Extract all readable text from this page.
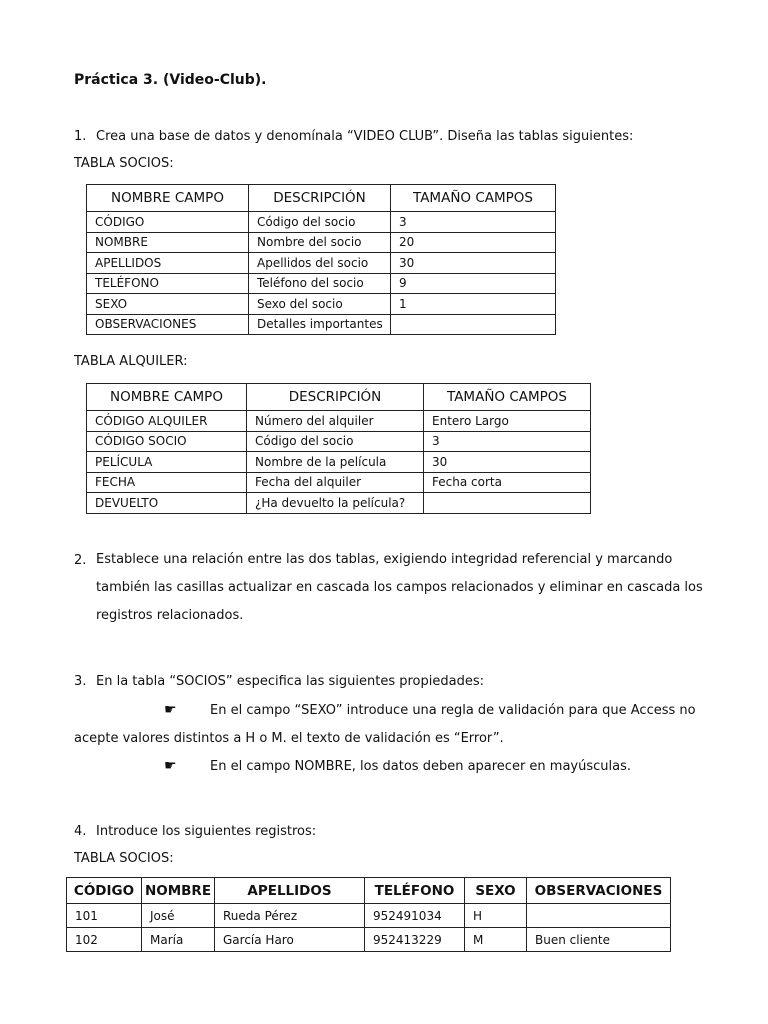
Práctica 3. (Video-Club).
1. Crea una base de datos y denomínala “VIDEO CLUB”. Diseña las tablas siguientes:
TABLA SOCIOS:
NOMBRE CAMPO	DESCRIPCIÓN	TAMAÑO CAMPOS
CÓDIGO	Código del socio	3
NOMBRE	Nombre del socio	20
APELLIDOS	Apellidos del socio	30
TELÉFONO	Teléfono del socio	9
SEXO	Sexo del socio	1
OBSERVACIONES	Detalles importantes	
TABLA ALQUILER:
NOMBRE CAMPO	DESCRIPCIÓN	TAMAÑO CAMPOS
CÓDIGO ALQUILER	Número del alquiler	Entero Largo
CÓDIGO SOCIO	Código del socio	3
PELÍCULA	Nombre de la película	30
FECHA	Fecha del alquiler	Fecha corta
DEVUELTO	¿Ha devuelto la película?	
2. Establece una relación entre las dos tablas, exigiendo integridad referencial y marcando
también las casillas actualizar en cascada los campos relacionados y eliminar en cascada los
registros relacionados.
3. En la tabla “SOCIOS” especifica las siguientes propiedades:
☛	En el campo “SEXO” introduce una regla de validación para que Access no
acepte valores distintos a H o M. el texto de validación es “Error”.
☛	En el campo NOMBRE, los datos deben aparecer en mayúsculas.
4. Introduce los siguientes registros:
TABLA SOCIOS:
CÓDIGO	NOMBRE	APELLIDOS	TELÉFONO	SEXO	OBSERVACIONES
101	José	Rueda Pérez	952491034	H	
102	María	García Haro	952413229	M	Buen cliente
